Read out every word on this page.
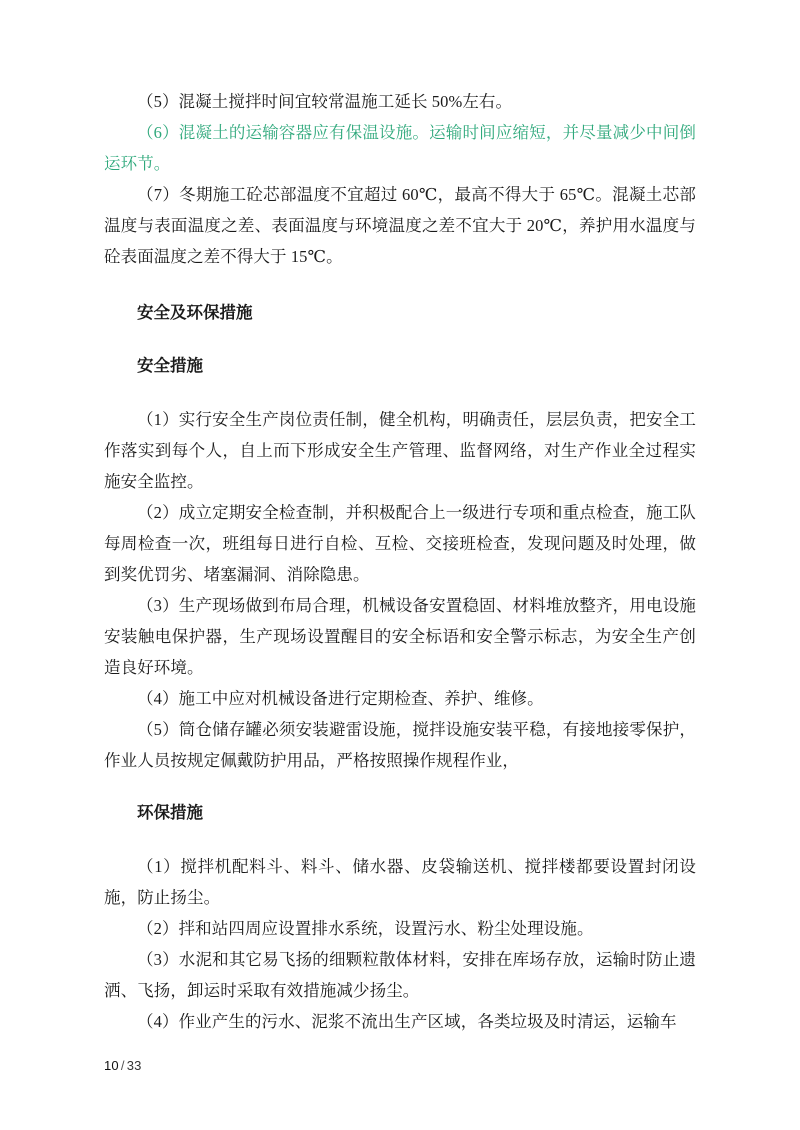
（5）混凝土搅拌时间宜较常温施工延长 50%左右。

（6）混凝土的运输容器应有保温设施。运输时间应缩短，并尽量减少中间倒运环节。

（7）冬期施工砼芯部温度不宜超过 60℃，最高不得大于 65℃。混凝土芯部温度与表面温度之差、表面温度与环境温度之差不宜大于 20℃，养护用水温度与砼表面温度之差不得大于 15℃。

安全及环保措施

安全措施

（1）实行安全生产岗位责任制，健全机构，明确责任，层层负责，把安全工作落实到每个人，自上而下形成安全生产管理、监督网络，对生产作业全过程实施安全监控。

（2）成立定期安全检查制，并积极配合上一级进行专项和重点检查，施工队每周检查一次，班组每日进行自检、互检、交接班检查，发现问题及时处理，做到奖优罚劣、堵塞漏洞、消除隐患。

（3）生产现场做到布局合理，机械设备安置稳固、材料堆放整齐，用电设施安装触电保护器，生产现场设置醒目的安全标语和安全警示标志，为安全生产创造良好环境。

（4）施工中应对机械设备进行定期检查、养护、维修。

（5）筒仓储存罐必须安装避雷设施，搅拌设施安装平稳，有接地接零保护，作业人员按规定佩戴防护用品，严格按照操作规程作业，

环保措施

（1）搅拌机配料斗、料斗、储水器、皮袋输送机、搅拌楼都要设置封闭设施，防止扬尘。

（2）拌和站四周应设置排水系统，设置污水、粉尘处理设施。

（3）水泥和其它易飞扬的细颗粒散体材料，安排在库场存放，运输时防止遗洒、飞扬，卸运时采取有效措施减少扬尘。

（4）作业产生的污水、泥浆不流出生产区域，各类垃圾及时清运，运输车

10 / 33
